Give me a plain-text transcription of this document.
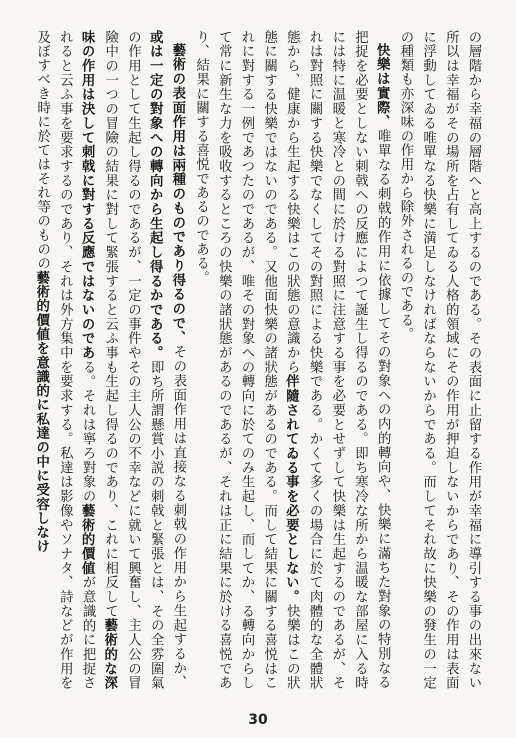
の層階から幸福の層階へと高上するのである。その表面に止留する作用が幸福に導引する事の出來ない所以は幸福がその場所を占有してゐる人格的領域にその作用が押迫しないからであり、その作用は表面に浮動してゐる唯單なる快樂に満足しなければならないからである。而してそれ故に快樂の發生の一定の種類も亦深味の作用から除外されるのである。

快樂は實際、唯單なる刺戟的作用に依據してその對象への内的轉向や、快樂に滿ちた對象の特別なる把捉を必要としない刺戟への反應によつて誕生し得るのである。即ち寒冷な所から温暖な部屋に入る時には特に温暖と寒冷との間に於ける對照に注意する事を必要とせずして快樂は生起するのであるが、それは對照に關する快樂でなくしてその對照による快樂である。かくて多くの場合に於て肉體的な全體狀態から、健康から生起する快樂はこの狀態の意識から伴隨されてゐる事を必要としない。快樂はこの狀態に關する快樂ではないのである。又他面快樂の諸狀態があるのである。而して結果に關する喜悦はこれに對する一例であつたのであるが、唯その對象への轉向に於てのみ生起し、而してか、る轉向からして常に新生な力を吸收するところの快樂の諸狀態があるのであるが、それは正に結果に於ける喜悦であり、結果に關する喜悦であるのである。

藝術の表面作用は兩種のものであり得るので、その表面作用は直接なる刺戟の作用から生起するか、或は一定の對象への轉向から生起し得るかである。即ち所謂懸賞小説の刺戟と緊張とは、その全雰圍氣の作用として生起し得るのであるが、一定の事件やその主人公の不幸などに就いて興奮し、主人公の冒險中の一つの冒險の結果に對して緊張すると云ふ事も生起し得るのであり、これに相反して藝術的な深味の作用は決して刺戟に對する反應ではないのである。それは寧ろ對象の藝術的價値が意識的に把捉されると云ふ事を要求するのであり、それは外方集中を要求する。私達は影像やソナタ、詩などが作用を及ぼすべき時に於てはそれ等のものの藝術的價値を意識的に私達の中に受容しなけ

30
